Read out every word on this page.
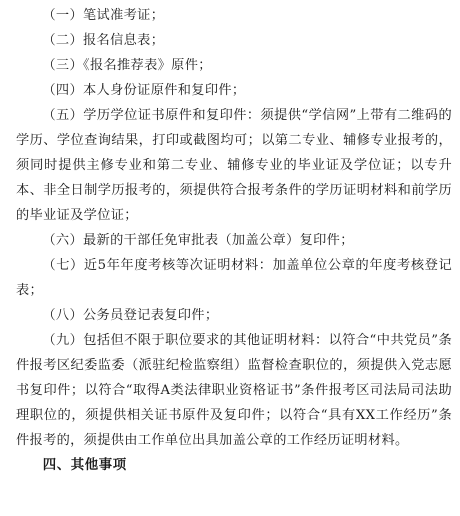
（一）笔试准考证；

（二）报名信息表；

（三）《报名推荐表》原件；

（四）本人身份证原件和复印件；

（五）学历学位证书原件和复印件：须提供“学信网”上带有二维码的学历、学位查询结果，打印或截图均可；以第二专业、辅修专业报考的，须同时提供主修专业和第二专业、辅修专业的毕业证及学位证；以专升本、非全日制学历报考的，须提供符合报考条件的学历证明材料和前学历的毕业证及学位证；

（六）最新的干部任免审批表（加盖公章）复印件；

（七）近5年年度考核等次证明材料：加盖单位公章的年度考核登记表；

（八）公务员登记表复印件；

（九）包括但不限于职位要求的其他证明材料：以符合“中共党员”条件报考区纪委监委（派驻纪检监察组）监督检查职位的，须提供入党志愿书复印件；以符合“取得A类法律职业资格证书”条件报考区司法局司法助理职位的，须提供相关证书原件及复印件；以符合“具有XX工作经历”条件报考的，须提供由工作单位出具加盖公章的工作经历证明材料。

四、其他事项
